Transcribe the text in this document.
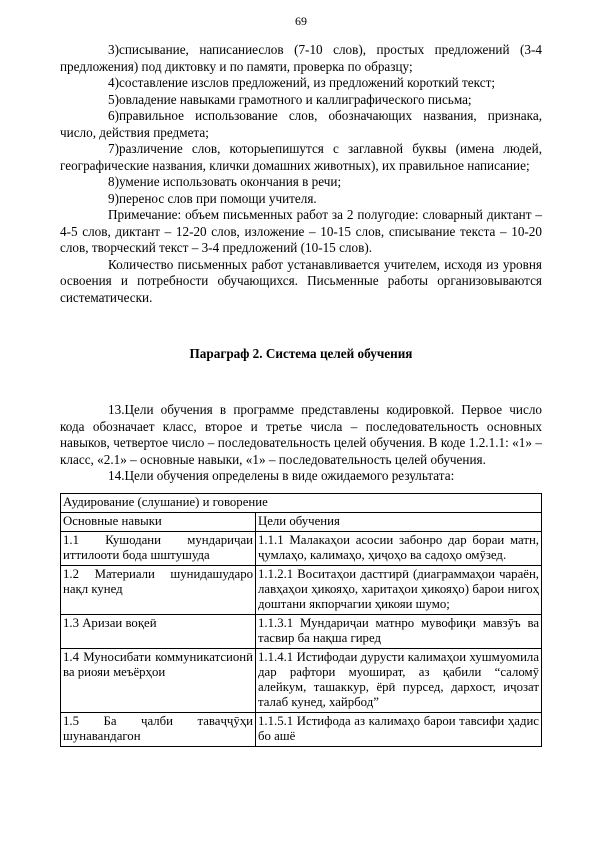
69

3)списывание, написаниеслов (7-10 слов), простых предложений (3-4 предложения) под диктовку и по памяти, проверка по образцу;

4)составление изслов предложений, из предложений короткий текст;

5)овладение навыками грамотного и каллиграфического письма;

6)правильное использование слов, обозначающих названия, признака, число, действия предмета;

7)различение слов, которыепишутся с заглавной буквы (имена людей, географические названия, клички домашних животных), их правильное написание;

8)умение использовать окончания в речи;

9)перенос слов при помощи учителя.

Примечание: объем письменных работ за 2 полугодие: словарный диктант – 4-5 слов, диктант – 12-20 слов, изложение – 10-15 слов, списывание текста – 10-20 слов, творческий текст – 3-4 предложений (10-15 слов).

Количество письменных работ устанавливается учителем, исходя из уровня освоения и потребности обучающихся. Письменные работы организовываются систематически.

Параграф 2. Система целей обучения

13.Цели обучения в программе представлены кодировкой. Первое число кода обозначает класс, второе и третье числа – последовательность основных навыков, четвертое число – последовательность целей обучения. В коде 1.2.1.1: «1» – класс, «2.1» – основные навыки, «1» – последовательность целей обучения.

14.Цели обучения определены в виде ожидаемого результата:

Аудирование (слушание) и говорение	
Основные навыки	Цели обучения
1.1 Кушодани мундариҷаи иттилооти бода шштушуда	1.1.1 Малакаҳои асосии забонро дар бораи матн, ҷумлаҳо, калимаҳо, ҳиҷоҳо ва садоҳо омӯзед.
1.2 Материали шунидашударо нақл кунед	1.1.2.1 Воситаҳои дастгирӣ (диаграммаҳои чараён, лавҳаҳои ҳикояҳо, харитаҳои ҳикояҳо) барои нигоҳ доштани якпорчагии ҳикояи шумо;
1.3 Аризаи воқеӣ	1.1.3.1 Мундариҷаи матнро мувофиқи мавзӯъ ва тасвир ба нақша гиред
1.4 Муносибати коммуникатсионӣ ва риояи меъёрҳои	1.1.4.1 Истифодаи дурусти калимаҳои хушмуомила дар рафтори муошират, аз қабили “саломӯ алейкум, ташаккур, ёрӣ пурсед, дархост, иҷозат талаб кунед, хайрбод”
1.5 Ба ҷалби таваҷҷӯҳи шунавандагон	1.1.5.1 Истифода аз калимаҳо барои тавсифи ҳадис бо ашё
